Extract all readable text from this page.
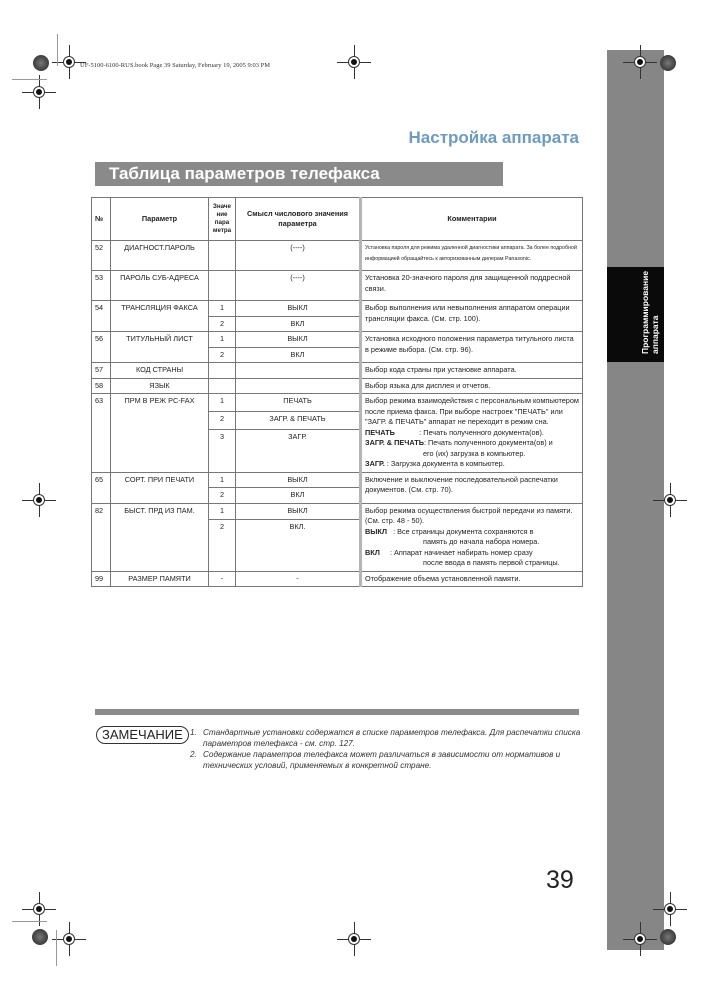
UF-5100-6100-RUS.book Page 39 Saturday, February 19, 2005 9:03 PM
Программирование аппарата
Настройка аппарата
Таблица параметров телефакса
№	Параметр	Значе ние пара метра	Смысл числового значения параметра	Комментарии
52	ДИАГНОСТ.ПАРОЛЬ		(----)	Установка пароля для режима удаленной диагностики аппарата. За более подробной информацией обращайтесь к авторизованным дилерам Panasonic.

53	ПАРОЛЬ СУБ-АДРЕСА		(----)	Установка 20-значного пароля для защищенной поддресной связи.

54	ТРАНСЛЯЦИЯ ФАКСА	1	ВЫКЛ	Выбор выполнения или невыполнения аппаратом операции трансляции факса. (См. стр. 100).

		2	ВКЛ	
56	ТИТУЛЬНЫЙ ЛИСТ	1	ВЫКЛ	Установка исходного положения параметра титульного листа в режиме выбора. (См. стр. 96).

		2	ВКЛ	
57	КОД СТРАНЫ			Выбор кода страны при установке аппарата.

58	ЯЗЫК			Выбор языка для дисплея и отчетов.

63	ПРМ В РЕЖ PC-FAX	1	ПЕЧАТЬ	Выбор режима взаимодействия с персональным компьютером после приема факса. При выборе настроек "ПЕЧАТЬ" или "ЗАГР. & ПЕЧАТЬ" аппарат не переходит в режим сна.
ПЕЧАТЬ            : Печать полученного документа(ов).
ЗАГР. & ПЕЧАТЬ: Печать полученного документа(ов) и
его (их) загрузка в компьютер.
ЗАГР. : Загрузка документа в компьютер.

		2	ЗАГР. & ПЕЧАТЬ	
		3	ЗАГР.	
65	СОРТ. ПРИ ПЕЧАТИ	1	ВЫКЛ	Включение и выключение последовательной распечатки документов. (См. стр. 70).

		2	ВКЛ	
82	БЫСТ. ПРД ИЗ ПАМ.	1	ВЫКЛ	Выбор режима осуществления быстрой передачи из памяти. (См. стр. 48 - 50).
ВЫКЛ   : Все страницы документа сохраняются в
память до начала набора номера.
ВКЛ     : Аппарат начинает набирать номер сразу
после ввода в память первой страницы.

		2	ВКЛ.	
99	РАЗМЕР ПАМЯТИ	-	-	Отображение объема установленной памяти.
ЗАМЕЧАНИЕ 1. Стандартные установки содержатся в списке параметров телефакса. Для распечатки списка параметров телефакса - см. стр. 127.
2. Содержание параметров телефакса может различаться в зависимости от нормативов и технических условий, применяемых в конкретной стране.
39
